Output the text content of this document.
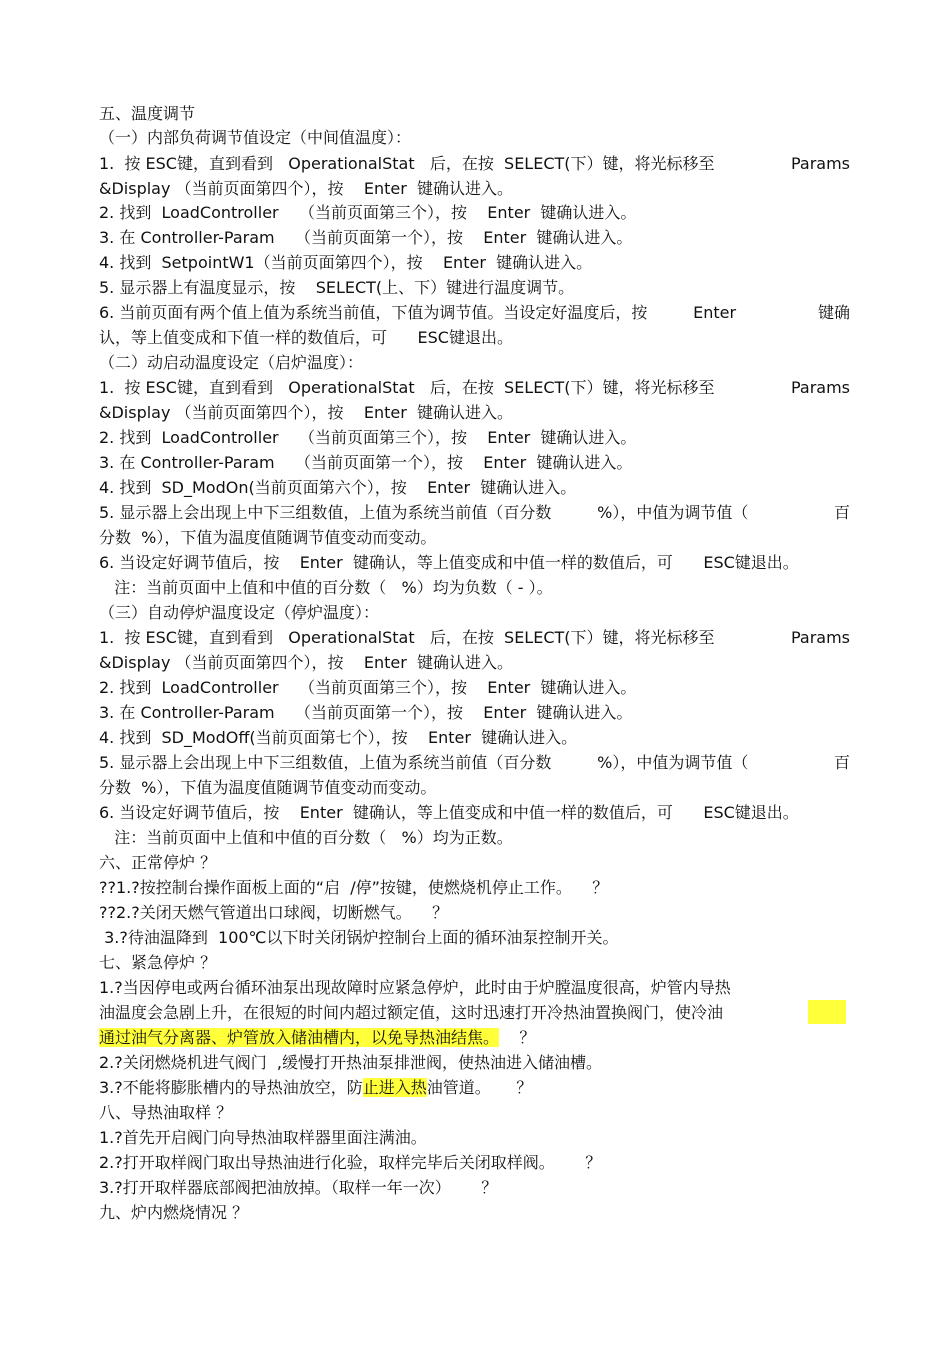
五、温度调节
（一）内部负荷调节值设定（中间值温度）：
1.  按 ESC键，直到看到   OperationalStat   后，在按  SELECT(下）键，将光标移至	Params
&Display （当前页面第四个），按    Enter  键确认进入。
2. 找到  LoadController    （当前页面第三个），按    Enter  键确认进入。
3. 在 Controller-Param    （当前页面第一个），按    Enter  键确认进入。
4. 找到  SetpointW1（当前页面第四个），按    Enter  键确认进入。
5. 显示器上有温度显示，按    SELECT(上、下）键进行温度调节。
6. 当前页面有两个值上值为系统当前值，下值为调节值。当设定好温度后，按         Enter	键确
认，等上值变成和下值一样的数值后，可      ESC键退出。
（二）动启动温度设定（启炉温度）：
1.  按 ESC键，直到看到   OperationalStat   后，在按  SELECT(下）键，将光标移至	Params
&Display （当前页面第四个），按    Enter  键确认进入。
2. 找到  LoadController    （当前页面第三个），按    Enter  键确认进入。
3. 在 Controller-Param    （当前页面第一个），按    Enter  键确认进入。
4. 找到  SD_ModOn(当前页面第六个），按    Enter  键确认进入。
5. 显示器上会出现上中下三组数值，上值为系统当前值（百分数         %），中值为调节值（	百
分数  %），下值为温度值随调节值变动而变动。
6. 当设定好调节值后，按    Enter  键确认，等上值变成和中值一样的数值后，可      ESC键退出。
注：当前页面中上值和中值的百分数（   %）均为负数（ - ）。
（三）自动停炉温度设定（停炉温度）：
1.  按 ESC键，直到看到   OperationalStat   后，在按  SELECT(下）键，将光标移至	Params
&Display （当前页面第四个），按    Enter  键确认进入。
2. 找到  LoadController    （当前页面第三个），按    Enter  键确认进入。
3. 在 Controller-Param    （当前页面第一个），按    Enter  键确认进入。
4. 找到  SD_ModOff(当前页面第七个），按    Enter  键确认进入。
5. 显示器上会出现上中下三组数值，上值为系统当前值（百分数         %），中值为调节值（	百
分数  %），下值为温度值随调节值变动而变动。
6. 当设定好调节值后，按    Enter  键确认，等上值变成和中值一样的数值后，可      ESC键退出。
注：当前页面中上值和中值的百分数（   %）均为正数。
六、正常停炉 ？
??1.?按控制台操作面板上面的“启  /停”按键，使燃烧机停止工作。    ？
??2.?关闭天燃气管道出口球阀，切断燃气。    ？
3.?待油温降到  100℃以下时关闭锅炉控制台上面的循环油泵控制开关。
七、紧急停炉 ？
1.?当因停电或两台循环油泵出现故障时应紧急停炉，此时由于炉膛温度很高，炉管内导热
油温度会急剧上升，在很短的时间内超过额定值，这时迅速打开冷热油置换阀门，使冷油
通过油气分离器、炉管放入储油槽内，以免导热油结焦。    ？
2.?关闭燃烧机进气阀门  ,缓慢打开热油泵排泄阀，使热油进入储油槽。
3.?不能将膨胀槽内的导热油放空，防止进入热油管道。     ？
八、导热油取样 ？
1.?首先开启阀门向导热油取样器里面注满油。
2.?打开取样阀门取出导热油进行化验，取样完毕后关闭取样阀。      ？
3.?打开取样器底部阀把油放掉。（取样一年一次）      ？
九、炉内燃烧情况 ？
